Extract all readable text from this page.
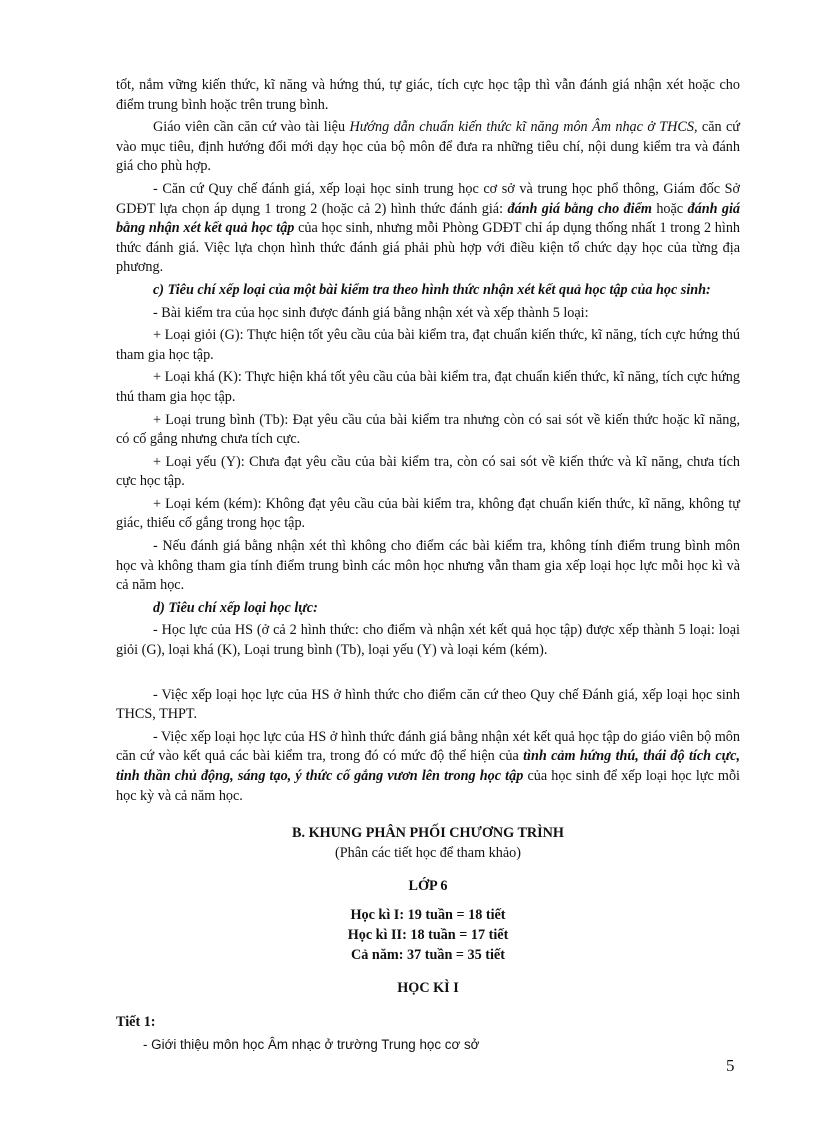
tốt, nắm vững kiến thức, kĩ năng và hứng thú, tự giác, tích cực học tập thì vẫn đánh giá nhận xét hoặc cho điểm trung bình hoặc trên trung bình.

Giáo viên cần căn cứ vào tài liệu Hướng dẫn chuẩn kiến thức kĩ năng môn Âm nhạc ở THCS, căn cứ vào mục tiêu, định hướng đổi mới dạy học của bộ môn để đưa ra những tiêu chí, nội dung kiểm tra và đánh giá cho phù hợp.

- Căn cứ Quy chế đánh giá, xếp loại học sinh trung học cơ sở và trung học phổ thông, Giám đốc Sở GDĐT lựa chọn áp dụng 1 trong 2 (hoặc cả 2) hình thức đánh giá: đánh giá bằng cho điểm hoặc đánh giá bằng nhận xét kết quả học tập của học sinh, nhưng mỗi Phòng GDĐT chỉ áp dụng thống nhất 1 trong 2 hình thức đánh giá. Việc lựa chọn hình thức đánh giá phải phù hợp với điều kiện tổ chức dạy học của từng địa phương.

c) Tiêu chí xếp loại của một bài kiểm tra theo hình thức nhận xét kết quả học tập của học sinh:

- Bài kiểm tra của học sinh được đánh giá bằng nhận xét và xếp thành 5 loại:

+ Loại giỏi (G): Thực hiện tốt yêu cầu của bài kiểm tra, đạt chuẩn kiến thức, kĩ năng, tích cực hứng thú tham gia học tập.

+ Loại khá (K): Thực hiện khá tốt yêu cầu của bài kiểm tra, đạt chuẩn kiến thức, kĩ năng, tích cực hứng thú tham gia học tập.

+ Loại trung bình (Tb): Đạt yêu cầu của bài kiểm tra nhưng còn có sai sót về kiến thức hoặc kĩ năng, có cố gắng nhưng chưa tích cực.

+ Loại yếu (Y): Chưa đạt yêu cầu của bài kiểm tra, còn có sai sót về kiến thức và kĩ năng, chưa tích cực học tập.

+ Loại kém (kém): Không đạt yêu cầu của bài kiểm tra, không đạt chuẩn kiến thức, kĩ năng, không tự giác, thiếu cố gắng trong học tập.

- Nếu đánh giá bằng nhận xét thì không cho điểm các bài kiểm tra, không tính điểm trung bình môn học và không tham gia tính điểm trung bình các môn học nhưng vẫn tham gia xếp loại học lực mỗi học kì và cả năm học.

d) Tiêu chí xếp loại học lực:

- Học lực của HS (ở cả 2 hình thức: cho điểm và nhận xét kết quả học tập) được xếp thành 5 loại: loại giỏi (G), loại khá (K), Loại trung bình (Tb), loại yếu (Y) và loại kém (kém).

- Việc xếp loại học lực của HS ở hình thức cho điểm căn cứ theo Quy chế Đánh giá, xếp loại học sinh THCS, THPT.

- Việc xếp loại học lực của HS ở hình thức đánh giá bằng nhận xét kết quả học tập do giáo viên bộ môn căn cứ vào kết quả các bài kiểm tra, trong đó có mức độ thể hiện của tình cảm hứng thú, thái độ tích cực, tinh thần chủ động, sáng tạo, ý thức cố gắng vươn lên trong học tập của học sinh để xếp loại học lực mỗi học kỳ và cả năm học.

B. KHUNG PHÂN PHỐI CHƯƠNG TRÌNH
(Phân các tiết học để tham khảo)
LỚP 6
Học kì I: 19 tuần = 18 tiết
Học kì II: 18 tuần = 17 tiết
Cả năm: 37 tuần = 35 tiết
HỌC KÌ I
Tiết 1:
- Giới thiệu môn học Âm nhạc ở trường Trung học cơ sở
5
